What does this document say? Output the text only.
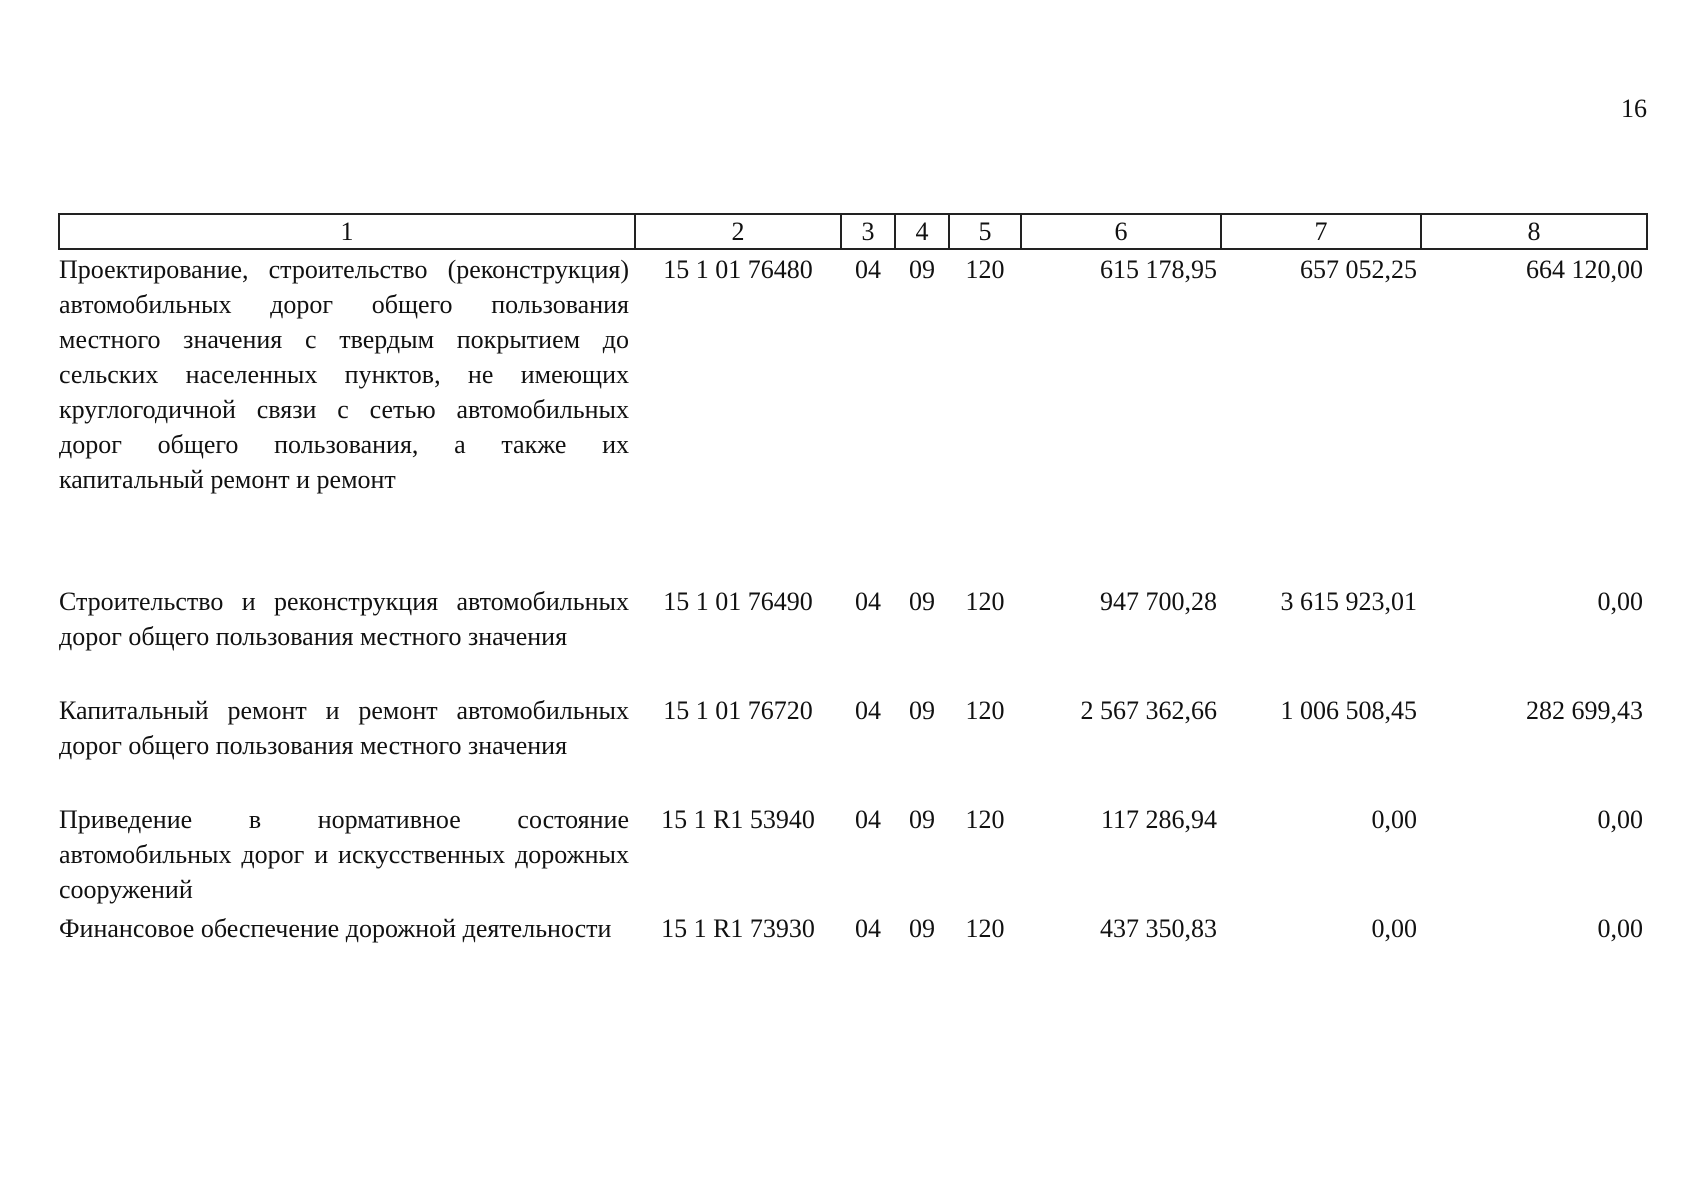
16
1	2	3	4	5	6	7	8
Проектирование, строительство (реконструкция) автомобильных дорог общего пользования местного значения с твердым покрытием до сельских населенных пунктов, не имеющих круглогодичной связи с сетью автомобильных дорог общего пользования, а также их капитальный ремонт и ремонт	15 1 01 76480	04	09	120	615 178,95	657 052,25	664 120,00
Строительство и реконструкция автомобильных дорог общего пользования местного значения	15 1 01 76490	04	09	120	947 700,28	3 615 923,01	0,00
Капитальный ремонт и ремонт автомобильных дорог общего пользования местного значения	15 1 01 76720	04	09	120	2 567 362,66	1 006 508,45	282 699,43
Приведение в нормативное состояние автомобильных дорог и искусственных дорожных сооружений	15 1 R1 53940	04	09	120	117 286,94	0,00	0,00
Финансовое обеспечение дорожной деятельности	15 1 R1 73930	04	09	120	437 350,83	0,00	0,00
